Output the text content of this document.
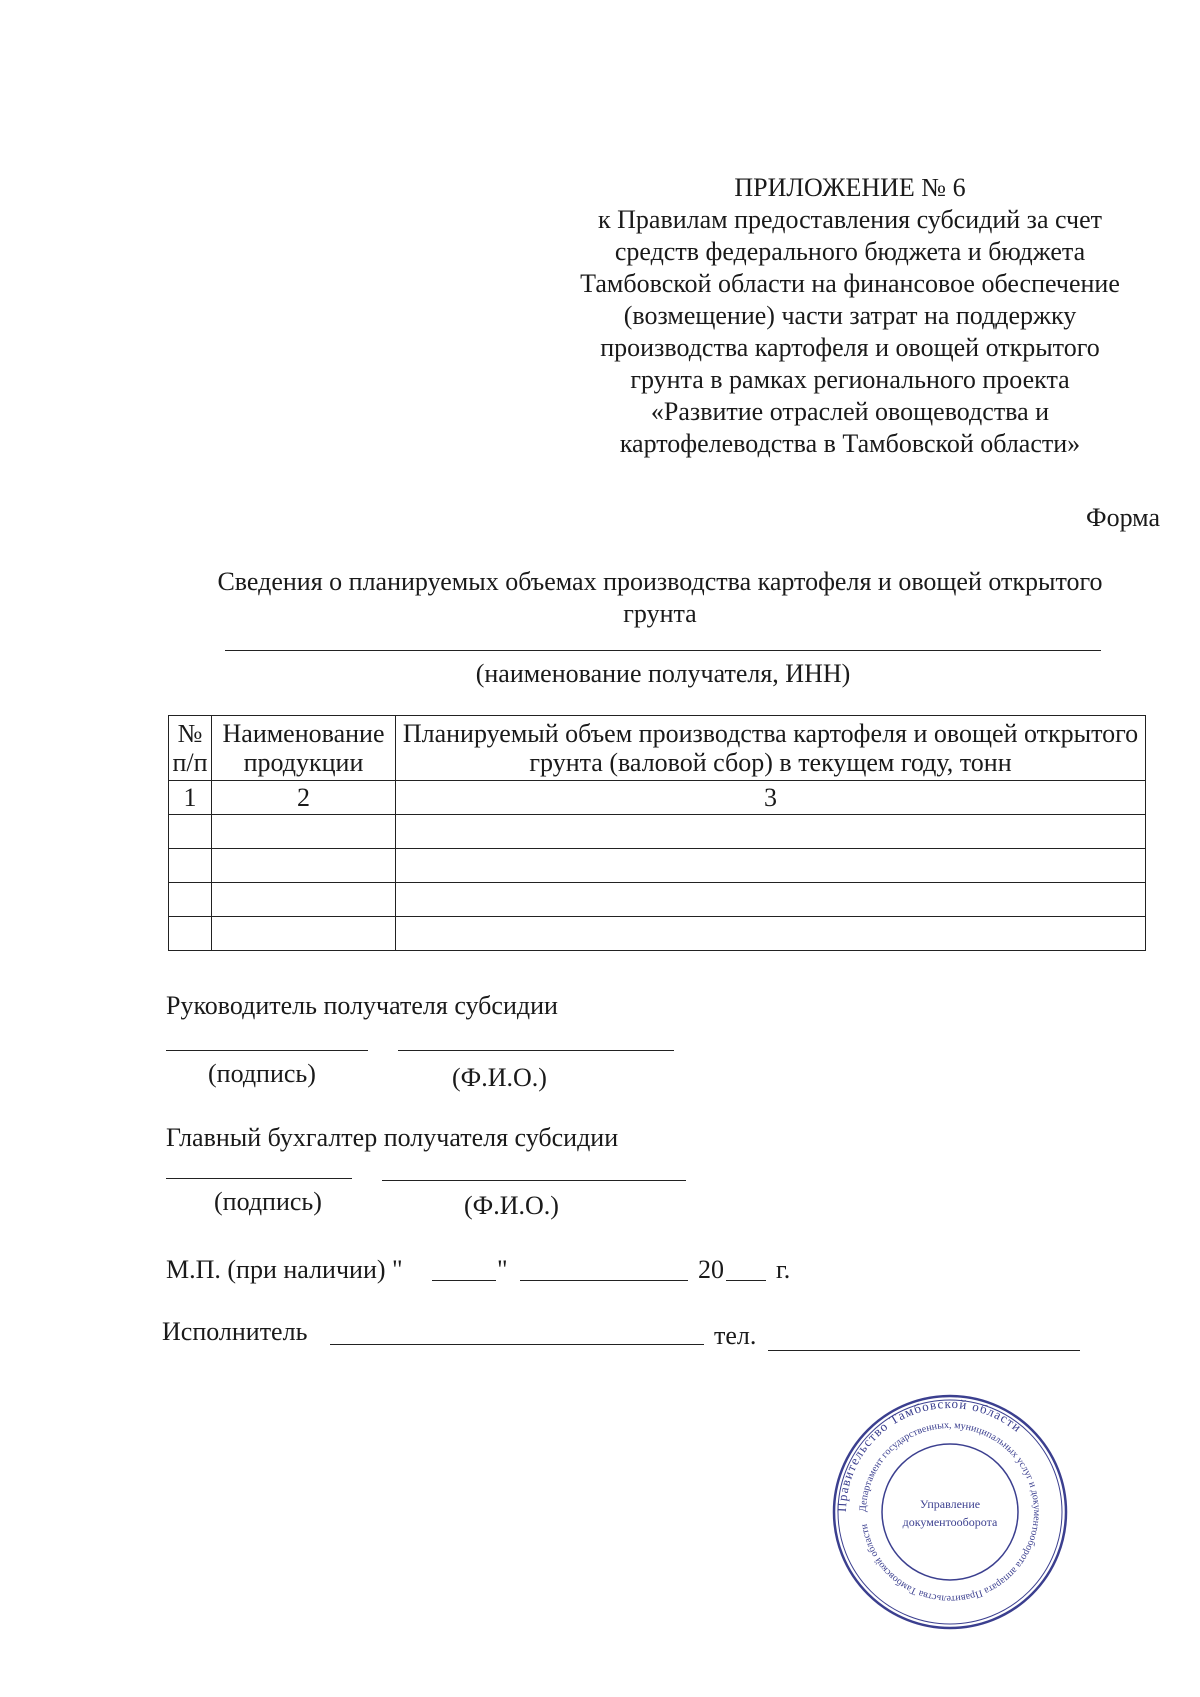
ПРИЛОЖЕНИЕ № 6
к Правилам предоставления субсидий за счет
средств федерального бюджета и бюджета
Тамбовской области на финансовое обеспечение
(возмещение) части затрат на поддержку
производства картофеля и овощей открытого
грунта в рамках регионального проекта
«Развитие отраслей овощеводства и
картофелеводства в Тамбовской области»
Форма
Сведения о планируемых объемах производства картофеля и овощей открытого
грунта
(наименование получателя, ИНН)
№ п/п	Наименование продукции	Планируемый объем производства картофеля и овощей открытого грунта (валовой сбор) в текущем году, тонн
1	2	3

Руководитель получателя субсидии
(подпись)	(Ф.И.О.)
Главный бухгалтер получателя субсидии
(подпись)	(Ф.И.О.)
М.П. (при наличии) "	"	20 г.
Исполнитель	тел.
Правительство Тамбовской области
Департамент государственных, муниципальных услуг и документооборота аппарата Правительства Тамбовской области
Управление
документооборота
